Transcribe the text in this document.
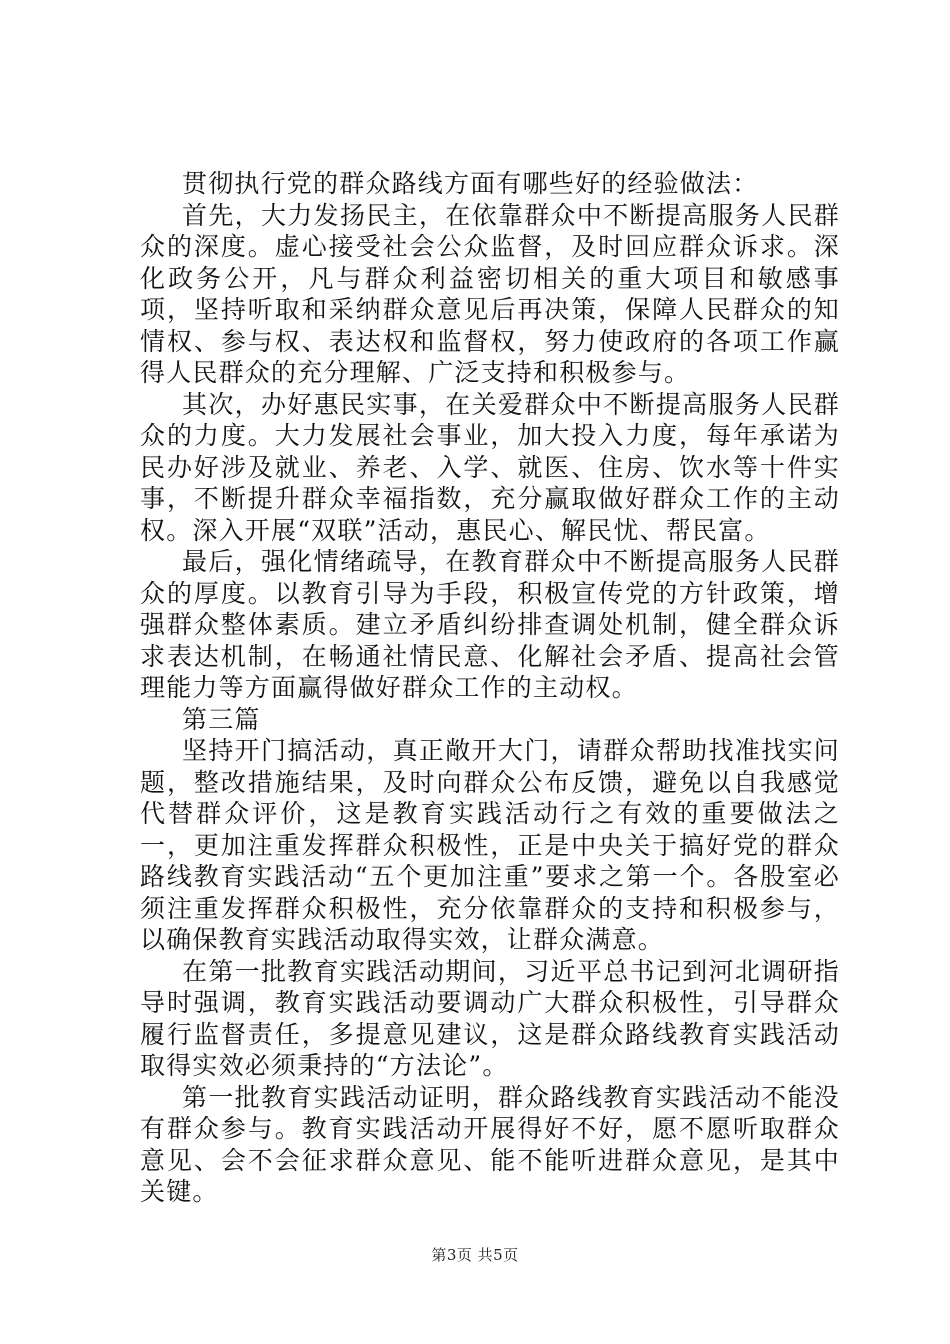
贯彻执行党的群众路线方面有哪些好的经验做法：

首先，大力发扬民主，在依靠群众中不断提高服务人民群众的深度。虚心接受社会公众监督，及时回应群众诉求。深化政务公开，凡与群众利益密切相关的重大项目和敏感事项，坚持听取和采纳群众意见后再决策，保障人民群众的知情权、参与权、表达权和监督权，努力使政府的各项工作赢得人民群众的充分理解、广泛支持和积极参与。

其次，办好惠民实事，在关爱群众中不断提高服务人民群众的力度。大力发展社会事业，加大投入力度，每年承诺为民办好涉及就业、养老、入学、就医、住房、饮水等十件实事，不断提升群众幸福指数，充分赢取做好群众工作的主动权。深入开展“双联”活动，惠民心、解民忧、帮民富。

最后，强化情绪疏导，在教育群众中不断提高服务人民群众的厚度。以教育引导为手段，积极宣传党的方针政策，增强群众整体素质。建立矛盾纠纷排查调处机制，健全群众诉求表达机制，在畅通社情民意、化解社会矛盾、提高社会管理能力等方面赢得做好群众工作的主动权。

第三篇

坚持开门搞活动，真正敞开大门，请群众帮助找准找实问题，整改措施结果，及时向群众公布反馈，避免以自我感觉代替群众评价，这是教育实践活动行之有效的重要做法之一，更加注重发挥群众积极性，正是中央关于搞好党的群众路线教育实践活动“五个更加注重”要求之第一个。各股室必须注重发挥群众积极性，充分依靠群众的支持和积极参与，以确保教育实践活动取得实效，让群众满意。

在第一批教育实践活动期间，习近平总书记到河北调研指导时强调，教育实践活动要调动广大群众积极性，引导群众履行监督责任，多提意见建议，这是群众路线教育实践活动取得实效必须秉持的“方法论”。

第一批教育实践活动证明，群众路线教育实践活动不能没有群众参与。教育实践活动开展得好不好，愿不愿听取群众意见、会不会征求群众意见、能不能听进群众意见，是其中关键。

第3页 共5页
